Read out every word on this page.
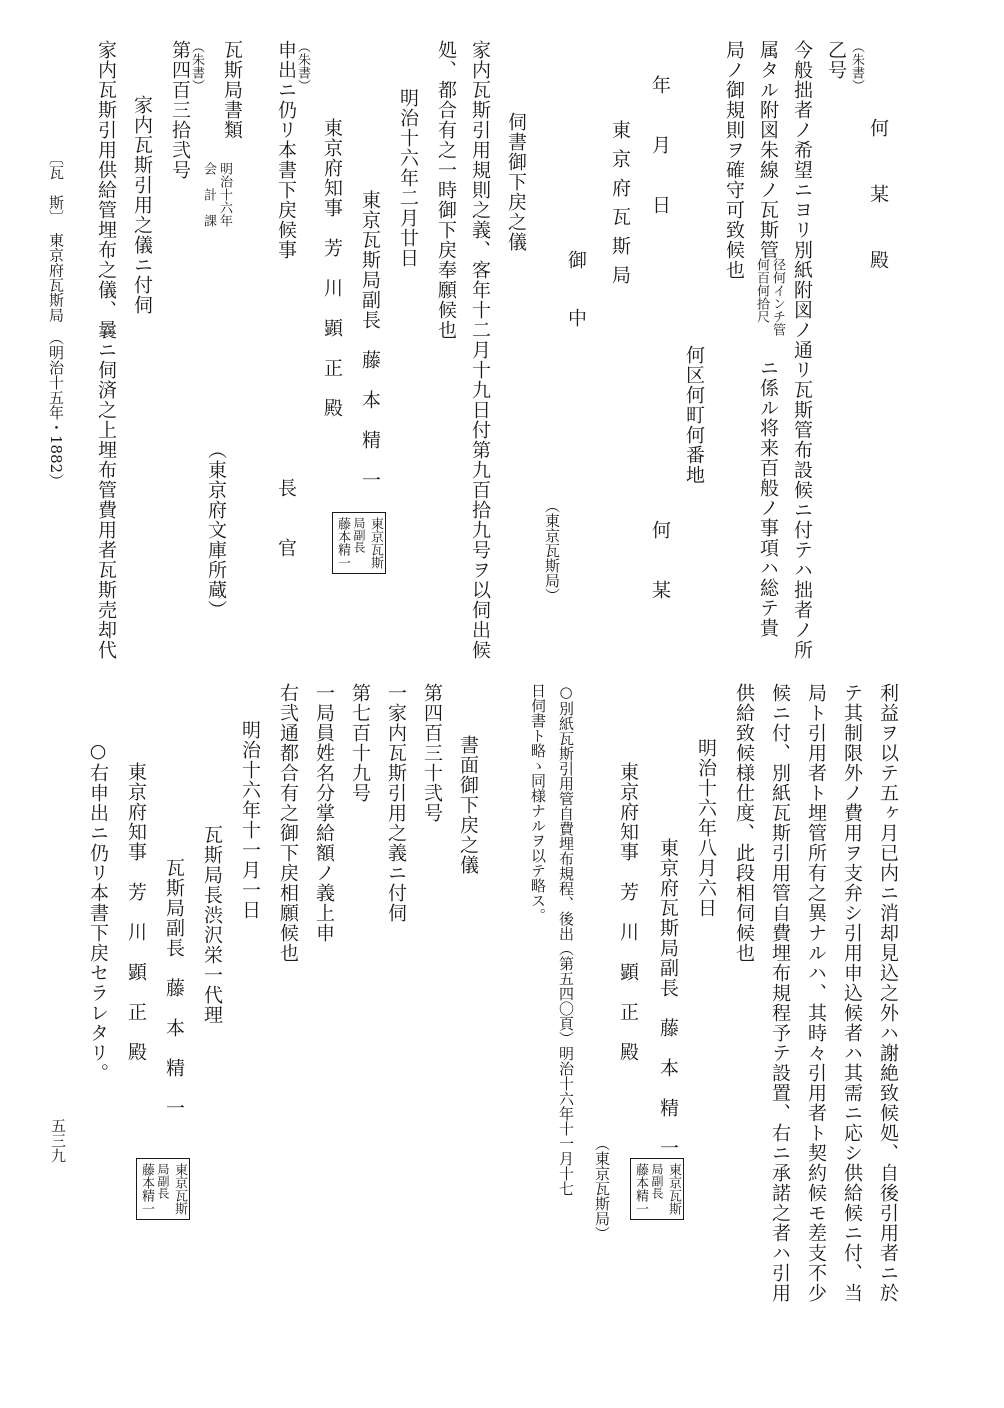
何　某　殿
（朱書）
乙号
今般拙者ノ希望ニヨリ別紙附図ノ通リ瓦斯管布設候ニ付テハ拙者ノ所
属タル附図朱線ノ瓦斯管
径何インチ管
何百何拾尺
ニ係ル将来百般ノ事項ハ総テ貴
局ノ御規則ヲ確守可致候也
何区何町何番地
何　　某
年　　月　　日
東京府瓦斯局
御　中
（東京瓦斯局）
伺書御下戻之儀
家内瓦斯引用規則之義、客年十二月十九日付第九百拾九号ヲ以伺出候
処、都合有之一時御下戻奉願候也
明治十六年二月廿日
東京瓦斯局副長　藤　本　精　一
東京瓦斯
局副長
藤本精一
東京府知事　芳　川　顕　正　殿
（朱書）
申出ニ仍リ本書下戻候事
長　　官
瓦斯局書類
明治十六年
会　計　課
（東京府文庫所蔵）
（朱書）
第四百三拾弐号
家内瓦斯引用之儀ニ付伺
家内瓦斯引用供給管埋布之儀、曩ニ伺済之上埋布管費用者瓦斯売却代
〔瓦　斯〕　東京府瓦斯局　（明治十五年・1882）
利益ヲ以テ五ヶ月已内ニ消却見込之外ハ謝絶致候処、自後引用者ニ於
テ其制限外ノ費用ヲ支弁シ引用申込候者ハ其需ニ応シ供給候ニ付、当
局ト引用者ト埋管所有之異ナルハ、其時々引用者ト契約候モ差支不少
候ニ付、別紙瓦斯引用管自費埋布規程予テ設置、右ニ承諾之者ハ引用
供給致候様仕度、此段相伺候也
明治十六年八月六日
東京府瓦斯局副長　藤　本　精　一
東京瓦斯
局副長
藤本精一
東京府知事　芳　川　顕　正　殿
（東京瓦斯局）
○別紙瓦斯引用管自費埋布規程、後出（第五四〇頁）明治十六年十一月十七
日伺書ト略ゝ同様ナルヲ以テ略ス。
書面御下戻之儀
第四百三十弐号
一家内瓦斯引用之義ニ付伺
第七百十九号
一局員姓名分掌給額ノ義上申
右弐通都合有之御下戻相願候也
明治十六年十一月一日
瓦斯局長渋沢栄一代理
瓦斯局副長　藤　本　精　一
東京瓦斯
局副長
藤本精一
東京府知事　芳　川　顕　正　殿
○右申出ニ仍リ本書下戻セラレタリ。
五三九
